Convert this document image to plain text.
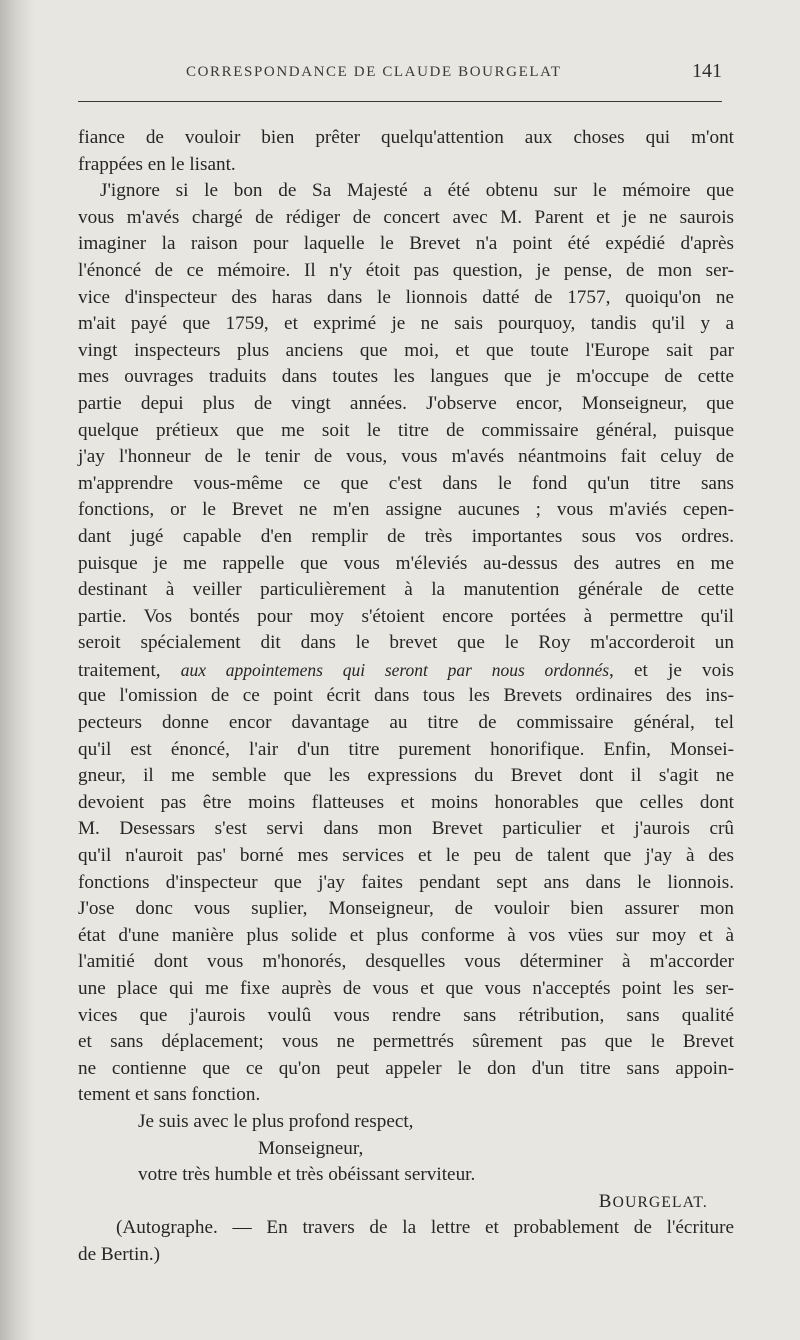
CORRESPONDANCE DE CLAUDE BOURGELAT	141
fiance de vouloir bien prêter quelqu'attention aux choses qui m'ont
frappées en le lisant.
J'ignore si le bon de Sa Majesté a été obtenu sur le mémoire que
vous m'avés chargé de rédiger de concert avec M. Parent et je ne saurois
imaginer la raison pour laquelle le Brevet n'a point été expédié d'après
l'énoncé de ce mémoire. Il n'y étoit pas question, je pense, de mon ser-
vice d'inspecteur des haras dans le lionnois datté de 1757, quoiqu'on ne
m'ait payé que 1759, et exprimé je ne sais pourquoy, tandis qu'il y a
vingt inspecteurs plus anciens que moi, et que toute l'Europe sait par
mes ouvrages traduits dans toutes les langues que je m'occupe de cette
partie depui plus de vingt années. J'observe encor, Monseigneur, que
quelque prétieux que me soit le titre de commissaire général, puisque
j'ay l'honneur de le tenir de vous, vous m'avés néantmoins fait celuy de
m'apprendre vous-même ce que c'est dans le fond qu'un titre sans
fonctions, or le Brevet ne m'en assigne aucunes ; vous m'aviés cepen-
dant jugé capable d'en remplir de très importantes sous vos ordres.
puisque je me rappelle que vous m'éleviés au-dessus des autres en me
destinant à veiller particulièrement à la manutention générale de cette
partie. Vos bontés pour moy s'étoient encore portées à permettre qu'il
seroit spécialement dit dans le brevet que le Roy m'accorderoit un
traitement, aux appointemens qui seront par nous ordonnés, et je vois
que l'omission de ce point écrit dans tous les Brevets ordinaires des ins-
pecteurs donne encor davantage au titre de commissaire général, tel
qu'il est énoncé, l'air d'un titre purement honorifique. Enfin, Monsei-
gneur, il me semble que les expressions du Brevet dont il s'agit ne
devoient pas être moins flatteuses et moins honorables que celles dont
M. Desessars s'est servi dans mon Brevet particulier et j'aurois crû
qu'il n'auroit pas' borné mes services et le peu de talent que j'ay à des
fonctions d'inspecteur que j'ay faites pendant sept ans dans le lionnois.
J'ose donc vous suplier, Monseigneur, de vouloir bien assurer mon
état d'une manière plus solide et plus conforme à vos vües sur moy et à
l'amitié dont vous m'honorés, desquelles vous déterminer à m'accorder
une place qui me fixe auprès de vous et que vous n'acceptés point les ser-
vices que j'aurois voulû vous rendre sans rétribution, sans qualité
et sans déplacement; vous ne permettrés sûrement pas que le Brevet
ne contienne que ce qu'on peut appeler le don d'un titre sans appoin-
tement et sans fonction.
Je suis avec le plus profond respect,
Monseigneur,
votre très humble et très obéissant serviteur.
BOURGELAT.
(Autographe. — En travers de la lettre et probablement de l'écriture
de Bertin.)
